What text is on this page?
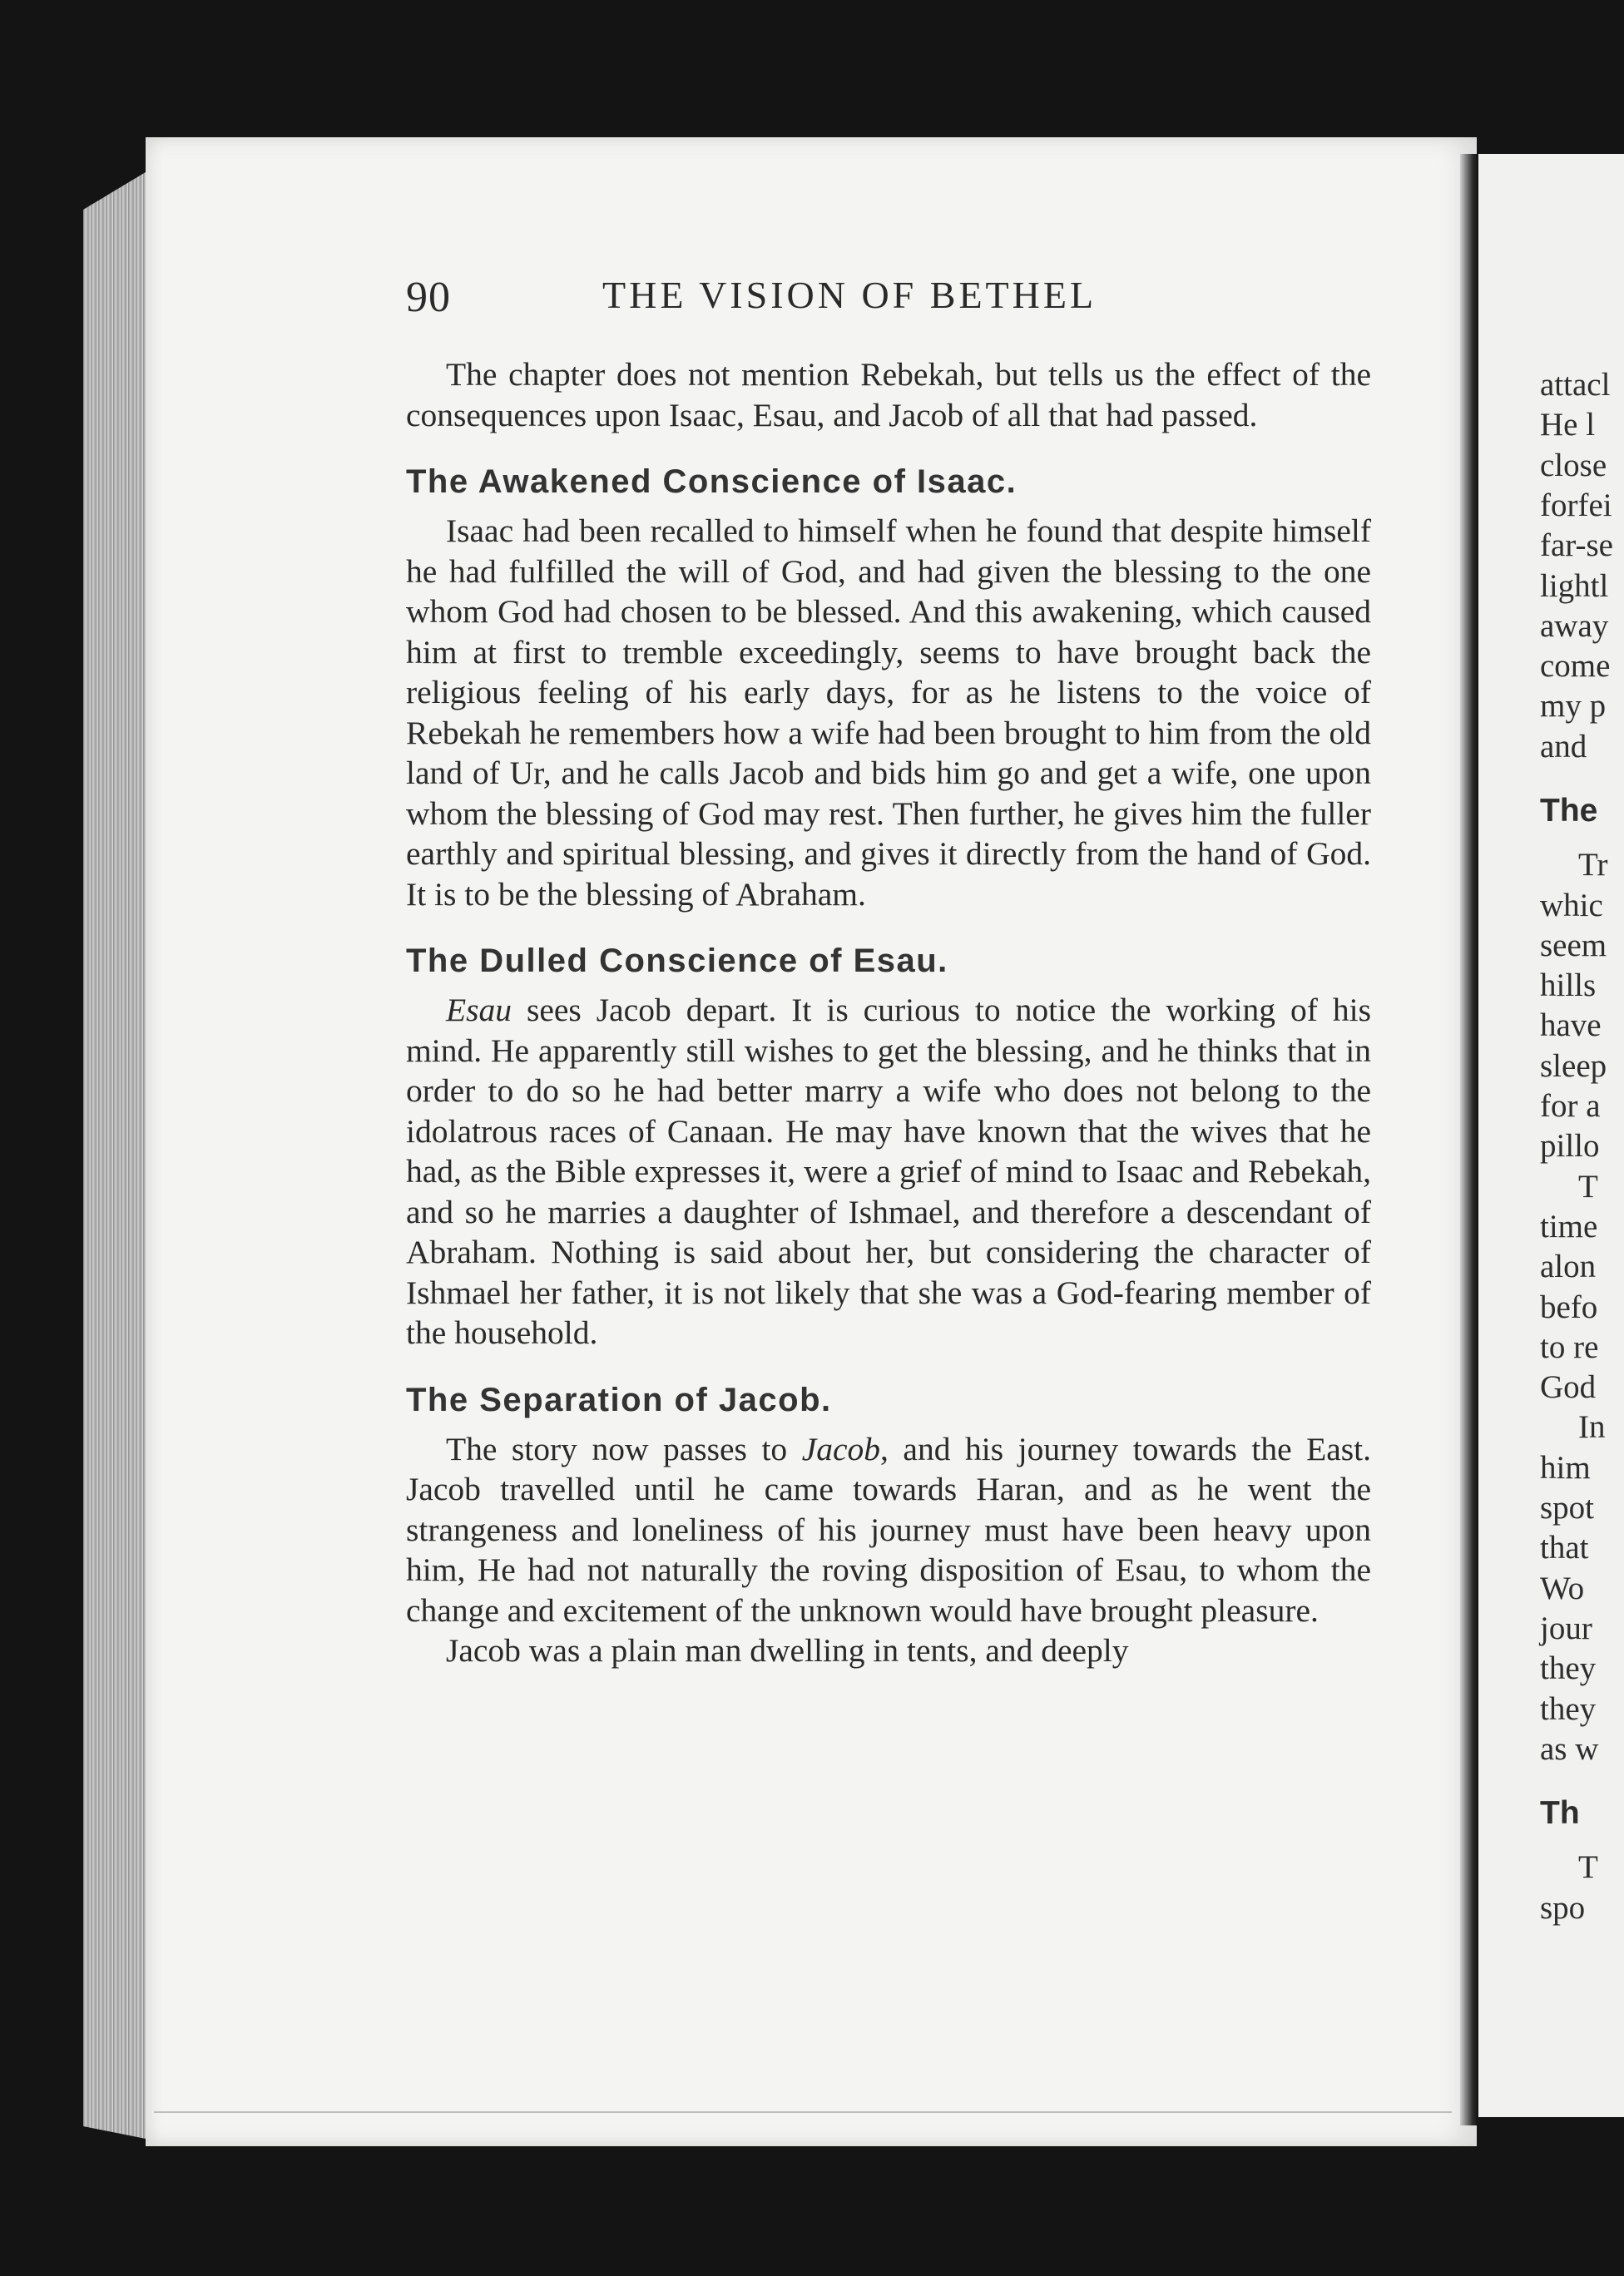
attacl
He l
close
forfei
far-se
lightl
away
come
my p
and
The
Tr
whic
seem
hills
have
sleep
for a
pillo
T
time
alon
befo
to re
God
In
him
spot
that
Wo
jour
they
they
as w
Th
T
spo
90	THE VISION OF BETHEL

The chapter does not mention Rebekah, but tells us the effect of the consequences upon Isaac, Esau, and Jacob of all that had passed.

The Awakened Conscience of Isaac.

Isaac had been recalled to himself when he found that despite himself he had fulfilled the will of God, and had given the blessing to the one whom God had chosen to be blessed. And this awakening, which caused him at first to tremble exceedingly, seems to have brought back the religious feeling of his early days, for as he listens to the voice of Rebekah he remembers how a wife had been brought to him from the old land of Ur, and he calls Jacob and bids him go and get a wife, one upon whom the blessing of God may rest. Then further, he gives him the fuller earthly and spiritual blessing, and gives it directly from the hand of God. It is to be the blessing of Abraham.

The Dulled Conscience of Esau.

Esau sees Jacob depart. It is curious to notice the working of his mind. He apparently still wishes to get the blessing, and he thinks that in order to do so he had better marry a wife who does not belong to the idolatrous races of Canaan. He may have known that the wives that he had, as the Bible expresses it, were a grief of mind to Isaac and Rebekah, and so he marries a daughter of Ishmael, and therefore a descendant of Abraham. Nothing is said about her, but considering the character of Ishmael her father, it is not likely that she was a God-fearing member of the household.

The Separation of Jacob.

The story now passes to Jacob, and his journey towards the East. Jacob travelled until he came towards Haran, and as he went the strangeness and loneliness of his journey must have been heavy upon him, He had not naturally the roving disposition of Esau, to whom the change and excitement of the unknown would have brought pleasure.

Jacob was a plain man dwelling in tents, and deeply
